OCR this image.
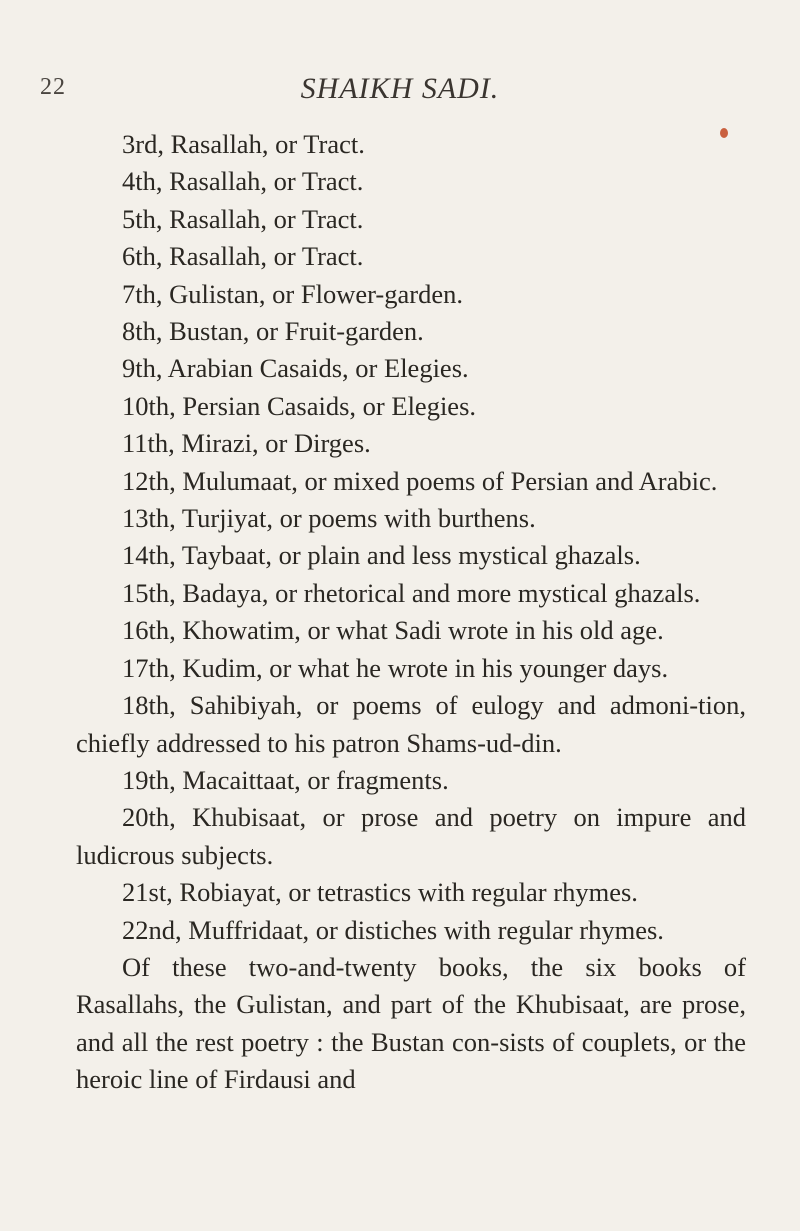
22	SHAIKH SADI.

3rd, Rasallah, or Tract.

4th, Rasallah, or Tract.

5th, Rasallah, or Tract.

6th, Rasallah, or Tract.

7th, Gulistan, or Flower-garden.

8th, Bustan, or Fruit-garden.

9th, Arabian Casaids, or Elegies.

10th, Persian Casaids, or Elegies.

11th, Mirazi, or Dirges.

12th, Mulumaat, or mixed poems of Persian and Arabic.

13th, Turjiyat, or poems with burthens.

14th, Taybaat, or plain and less mystical ghazals.

15th, Badaya, or rhetorical and more mystical ghazals.

16th, Khowatim, or what Sadi wrote in his old age.

17th, Kudim, or what he wrote in his younger days.

18th, Sahibiyah, or poems of eulogy and admoni-tion, chiefly addressed to his patron Shams-ud-din.

19th, Macaittaat, or fragments.

20th, Khubisaat, or prose and poetry on impure and ludicrous subjects.

21st, Robiayat, or tetrastics with regular rhymes.

22nd, Muffridaat, or distiches with regular rhymes.

Of these two-and-twenty books, the six books of Rasallahs, the Gulistan, and part of the Khubisaat, are prose, and all the rest poetry : the Bustan con-sists of couplets, or the heroic line of Firdausi and
